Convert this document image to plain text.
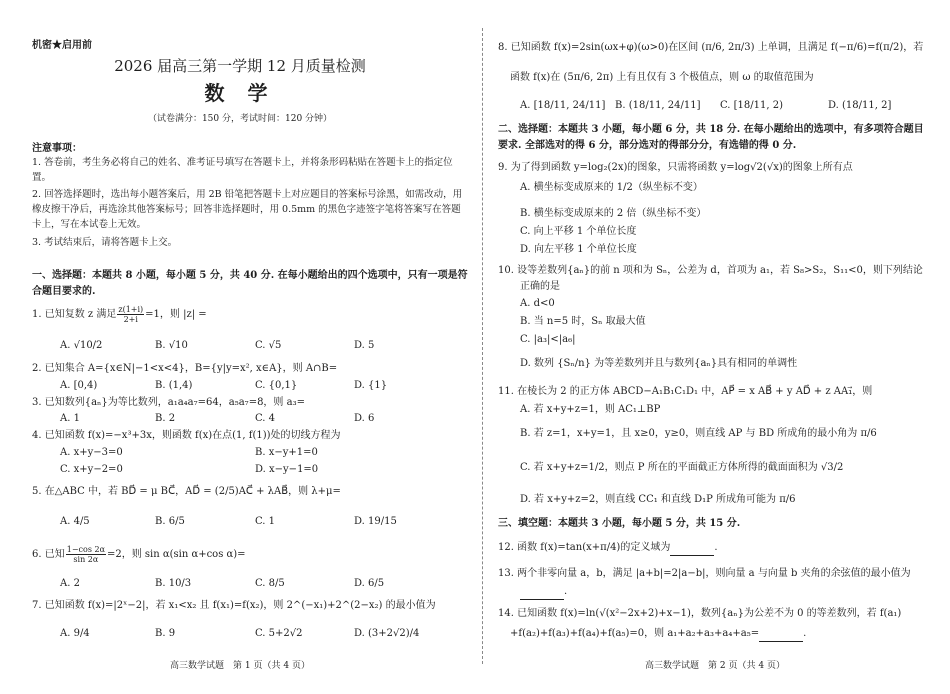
机密★启用前
2026 届高三第一学期 12 月质量检测
数 学
（试卷满分：150 分，考试时间：120 分钟）
注意事项：
1. 答卷前，考生务必将自己的姓名、准考证号填写在答题卡上，并将条形码粘贴在答题卡上的指定位置。
2. 回答选择题时，选出每小题答案后，用 2B 铅笔把答题卡上对应题目的答案标号涂黑，如需改动，用橡皮擦干净后，再选涂其他答案标号；回答非选择题时，用 0.5mm 的黑色字迹签字笔将答案写在答题卡上，写在本试卷上无效。
3. 考试结束后，请将答题卡上交。
一、选择题：本题共 8 小题，每小题 5 分，共 40 分. 在每小题给出的四个选项中，只有一项是符合题目要求的.
1. 已知复数 z 满足 $\frac{z(1+i)}{2+i} =1$，则 |z| =
A. √10/2	B. √10	C. √5	D. 5
2. 已知集合 A={x∈N|−1<x<4}，B={y|y=x², x∈A}，则 A∩B=
A. [0,4)	B. (1,4)	C. {0,1}	D. {1}
3. 已知数列{aₙ}为等比数列，a₁a₄a₇=64，a₅a₇=8，则 a₃=
A. 1	B. 2	C. 4	D. 6
4. 已知函数 f(x)=−x³+3x，则函数 f(x)在点(1, f(1))处的切线方程为
A. x+y−3=0	B. x−y+1=0
C. x+y−2=0	D. x−y−1=0
5. 在△ABC 中，若 BD⃗ = μ BC⃗，AD⃗ = (2/5)AC⃗ + λAB⃗，则 λ+μ=
A. 4/5	B. 6/5	C. 1	D. 19/15
6. 已知 $\frac{1-\cos 2\alpha}{\sin 2\alpha} =2$，则 sin α(sin α+cos α)=
A. 2	B. 10/3	C. 8/5	D. 6/5
7. 已知函数 f(x)=|2ˣ−2|，若 x₁<x₂ 且 f(x₁)=f(x₂)，则 2^(−x₁)+2^(2−x₂) 的最小值为
A. 9/4	B. 9	C. 5+2√2	D. (3+2√2)/4
高三数学试题　第 1 页（共 4 页）
8. 已知函数 f(x)=2sin(ωx+φ)(ω>0)在区间 (π/6, 2π/3) 上单调，且满足 f(−π/6)=f(π/2)，若
函数 f(x)在 (5π/6, 2π) 上有且仅有 3 个极值点，则 ω 的取值范围为
A. [18/11, 24/11] B. (18/11, 24/11] C. [18/11, 2)	D. (18/11, 2]
二、选择题：本题共 3 小题，每小题 6 分，共 18 分. 在每小题给出的选项中，有多项符合题目要求. 全部选对的得 6 分，部分选对的得部分分，有选错的得 0 分.
9. 为了得到函数 y=log₂(2x)的图象，只需将函数 y=log√2(√x)的图象上所有点
A. 横坐标变成原来的 1/2（纵坐标不变）
B. 横坐标变成原来的 2 倍（纵坐标不变）
C. 向上平移 1 个单位长度
D. 向左平移 1 个单位长度
10. 设等差数列{aₙ}的前 n 项和为 Sₙ，公差为 d，首项为 a₁，若 S₈>S₂，S₁₁<0，则下列结论
正确的是
A. d<0
B. 当 n=5 时，Sₙ 取最大值
C. |a₃|<|a₆|
D. 数列 {Sₙ/n} 为等差数列并且与数列{aₙ}具有相同的单调性
11. 在棱长为 2 的正方体 ABCD−A₁B₁C₁D₁ 中，AP⃗ = x AB⃗ + y AD⃗ + z AA₁⃗，则
A. 若 x+y+z=1，则 AC₁⊥BP
B. 若 z=1，x+y=1，且 x≥0，y≥0，则直线 AP 与 BD 所成角的最小角为 π/6
C. 若 x+y+z=1/2，则点 P 所在的平面截正方体所得的截面面积为 √3/2
D. 若 x+y+z=2，则直线 CC₁ 和直线 D₁P 所成角可能为 π/6
三、填空题：本题共 3 小题，每小题 5 分，共 15 分.
12. 函数 f(x)=tan(x+π/4)的定义域为	.
13. 两个非零向量 a，b，满足 |a+b|=2|a−b|，则向量 a 与向量 b 夹角的余弦值的最小值为
.
14. 已知函数 f(x)=ln(√(x²−2x+2)+x−1)，数列{aₙ}为公差不为 0 的等差数列，若 f(a₁)
+f(a₂)+f(a₃)+f(a₄)+f(a₅)=0，则 a₁+a₂+a₃+a₄+a₅=	.
高三数学试题　第 2 页（共 4 页）
